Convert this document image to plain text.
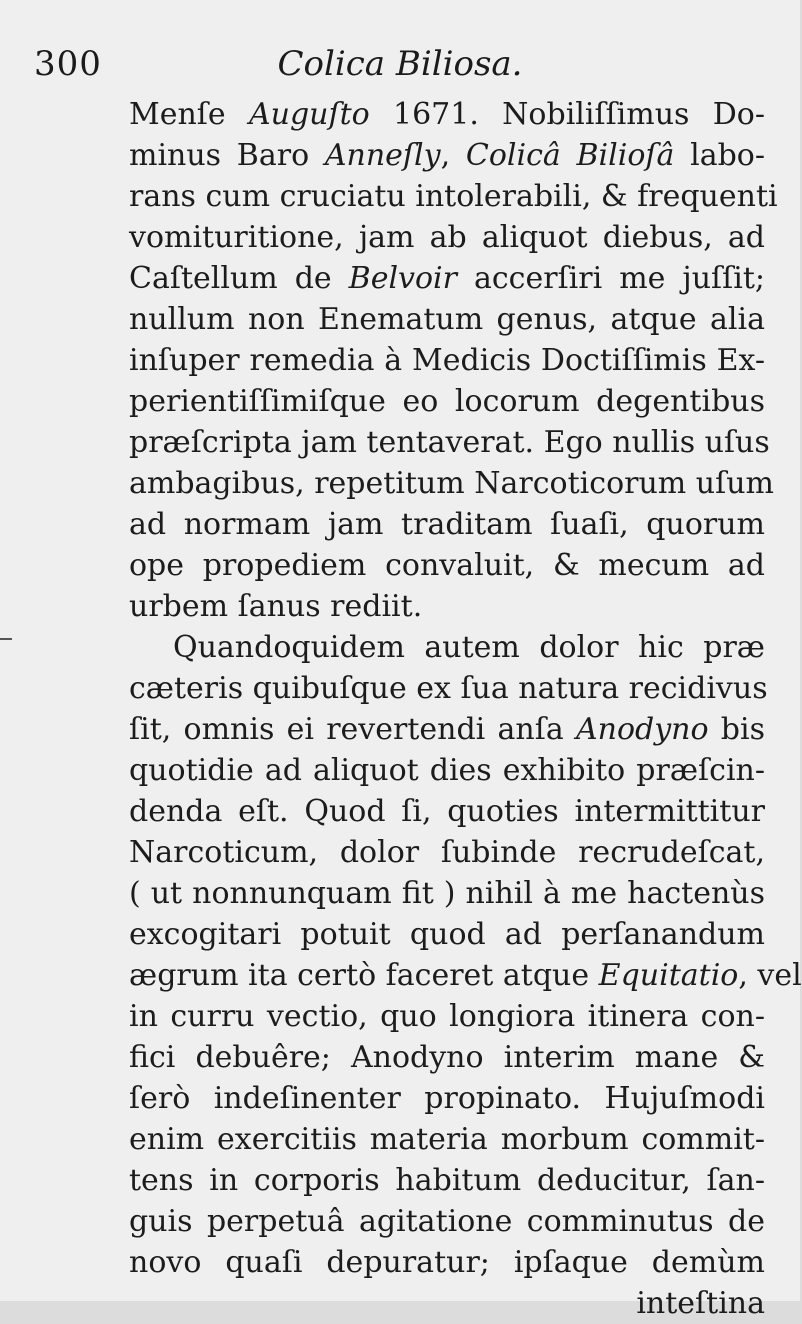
300	Colica Biliosa.
Menſe Auguſto 1671. Nobiliſſimus Do-
minus Baro Anneſly, Colicâ Bilioſâ labo-
rans cum cruciatu intolerabili, & frequenti
vomituritione, jam ab aliquot diebus, ad
Caſtellum de Belvoir accerſiri me juſſit;
nullum non Enematum genus, atque alia
inſuper remedia à Medicis Doctiſſimis Ex-
perientiſſimiſque eo locorum degentibus
præſcripta jam tentaverat. Ego nullis uſus
ambagibus, repetitum Narcoticorum uſum
ad normam jam traditam ſuaſi, quorum
ope propediem convaluit, & mecum ad
urbem ſanus rediit.
Quandoquidem autem dolor hic præ
cæteris quibuſque ex ſua natura recidivus
ſit, omnis ei revertendi anſa Anodyno bis
quotidie ad aliquot dies exhibito præſcin-
denda eſt. Quod ſi, quoties intermittitur
Narcoticum, dolor ſubinde recrudeſcat,
( ut nonnunquam fit ) nihil à me hactenùs
excogitari potuit quod ad perſanandum
ægrum ita certò faceret atque Equitatio, vel
in curru vectio, quo longiora itinera con-
fici debuêre; Anodyno interim mane &
ſerò indeſinenter propinato. Hujuſmodi
enim exercitiis materia morbum commit-
tens in corporis habitum deducitur, ſan-
guis perpetuâ agitatione comminutus de
novo quaſi depuratur; ipſaque demùm
inteſtina
